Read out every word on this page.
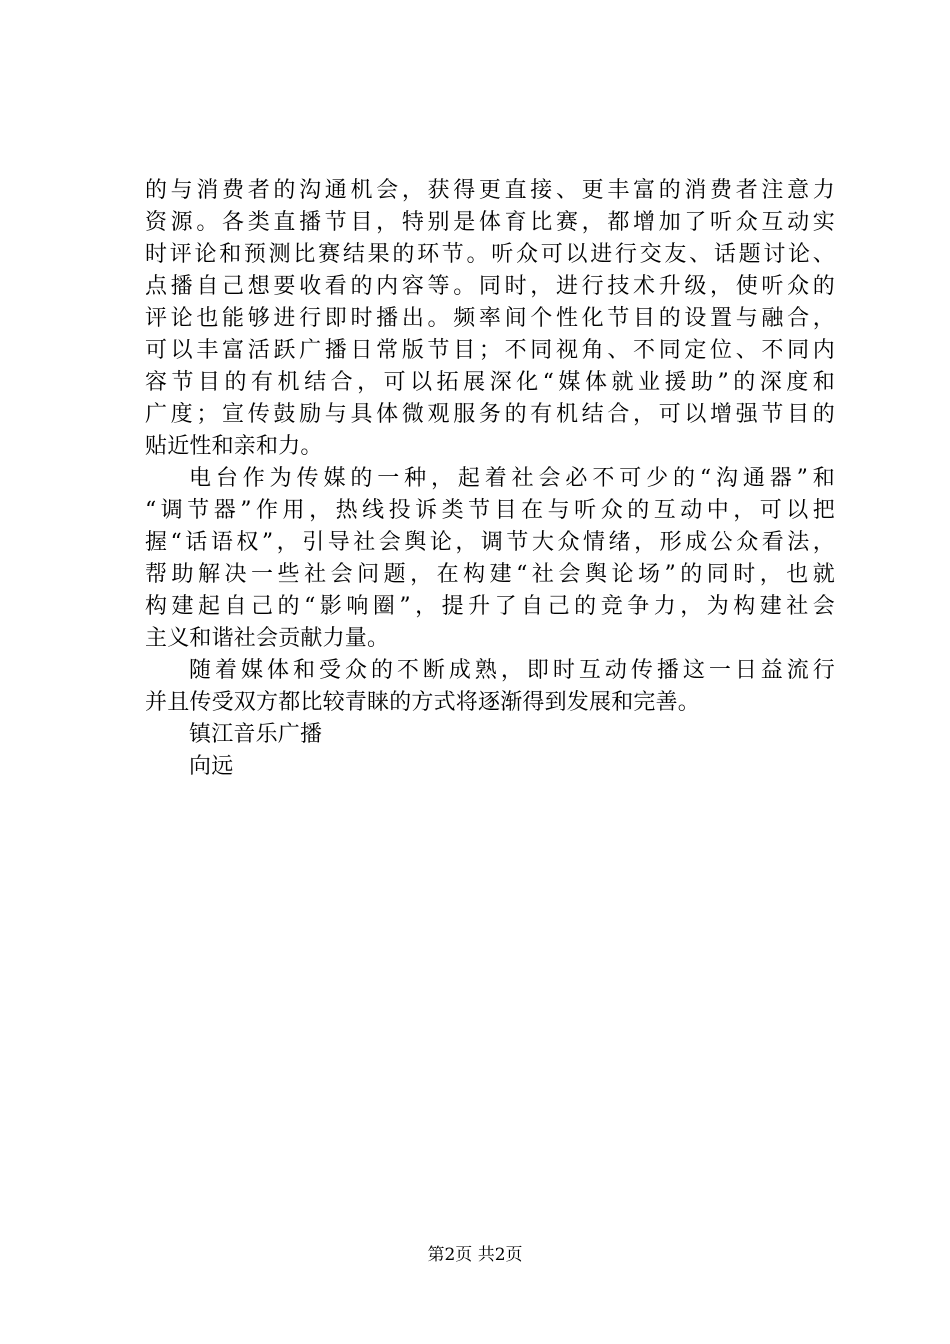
的与消费者的沟通机会，获得更直接、更丰富的消费者注意力
资源。各类直播节目，特别是体育比赛，都增加了听众互动实
时评论和预测比赛结果的环节。听众可以进行交友、话题讨论、
点播自己想要收看的内容等。同时，进行技术升级，使听众的
评论也能够进行即时播出。频率间个性化节目的设置与融合，
可以丰富活跃广播日常版节目；不同视角、不同定位、不同内
容节目的有机结合，可以拓展深化“媒体就业援助”的深度和
广度；宣传鼓励与具体微观服务的有机结合，可以增强节目的
贴近性和亲和力。
电台作为传媒的一种，起着社会必不可少的“沟通器”和
“调节器”作用，热线投诉类节目在与听众的互动中，可以把
握“话语权”，引导社会舆论，调节大众情绪，形成公众看法，
帮助解决一些社会问题，在构建“社会舆论场”的同时，也就
构建起自己的“影响圈”，提升了自己的竞争力，为构建社会
主义和谐社会贡献力量。
随着媒体和受众的不断成熟，即时互动传播这一日益流行
并且传受双方都比较青睐的方式将逐渐得到发展和完善。
镇江音乐广播
向远
第2页 共2页
